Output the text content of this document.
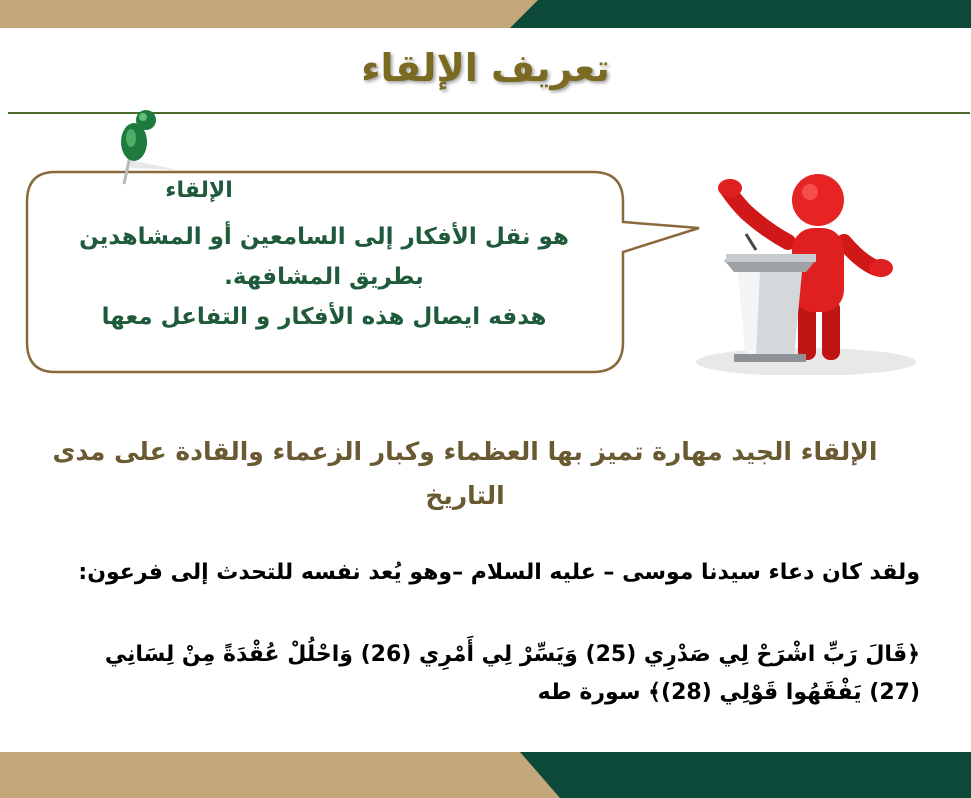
تعريف الإلقاء
الإلقاء
هو نقل الأفكار إلى السامعين أو المشاهدين
بطريق المشافهة.
هدفه ايصال هذه الأفكار و التفاعل معها
الإلقاء الجيد مهارة تميز بها العظماء وكبار الزعماء والقادة على مدى التاريخ
ولقد كان دعاء سيدنا موسى – عليه السلام –وهو يُعد نفسه للتحدث إلى فرعون:
﴿قَالَ رَبِّ اشْرَحْ لِي صَدْرِي (25) وَيَسِّرْ لِي أَمْرِي (26) وَاحْلُلْ عُقْدَةً مِنْ لِسَانِي (27) يَفْقَهُوا قَوْلِي (28)﴾ سورة طه
